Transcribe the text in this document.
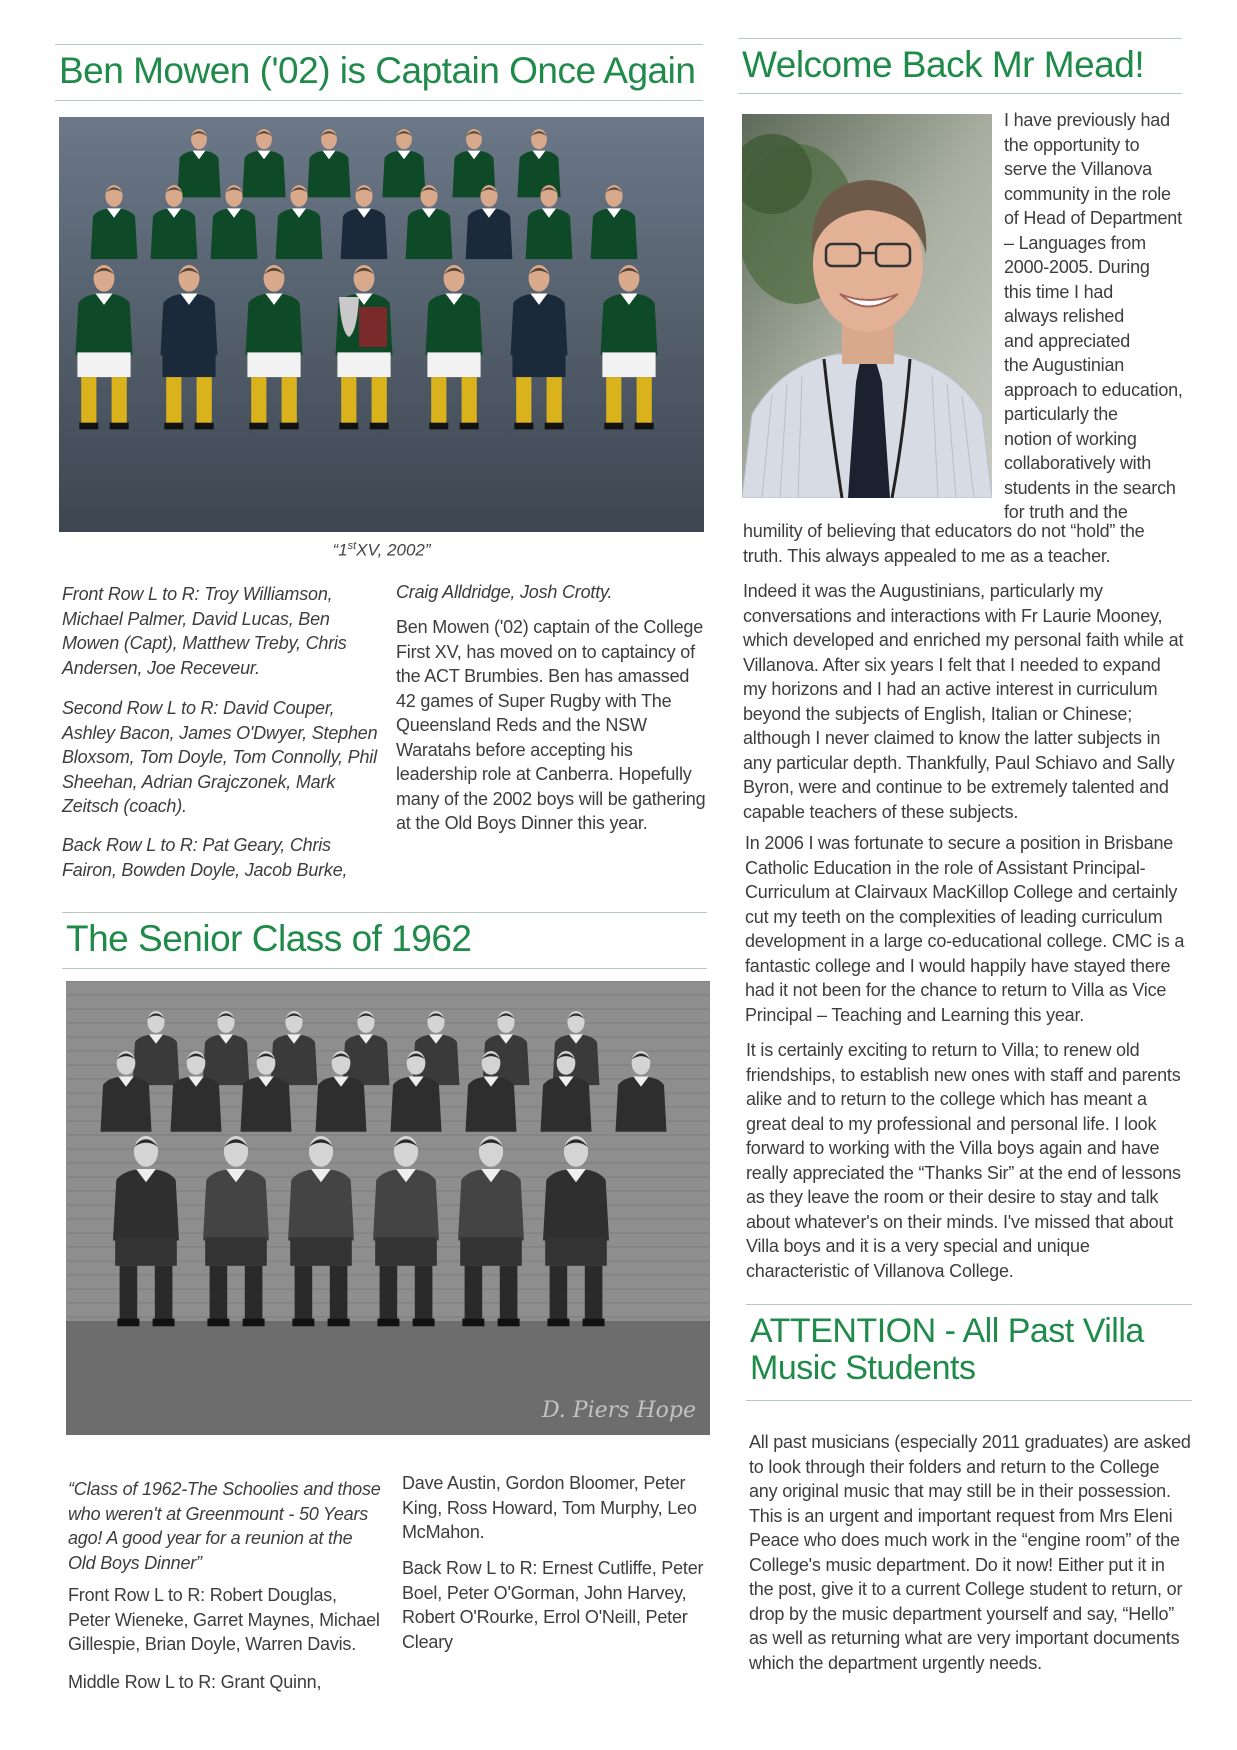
Ben Mowen ('02) is Captain Once Again
“1stXV, 2002”

Front Row L to R: Troy Williamson, Michael Palmer, David Lucas, Ben Mowen (Capt), Matthew Treby, Chris Andersen, Joe Receveur.

Second Row L to R: David Couper, Ashley Bacon, James O'Dwyer, Stephen Bloxsom, Tom Doyle, Tom Connolly, Phil Sheehan, Adrian Grajczonek, Mark Zeitsch (coach).

Back Row L to R: Pat Geary, Chris Fairon, Bowden Doyle, Jacob Burke,

Craig Alldridge, Josh Crotty.

Ben Mowen ('02) captain of the College First XV, has moved on to captaincy of the ACT Brumbies. Ben has amassed 42 games of Super Rugby with The Queensland Reds and the NSW Waratahs before accepting his leadership role at Canberra. Hopefully many of the 2002 boys will be gathering at the Old Boys Dinner this year.

The Senior Class of 1962
D. Piers Hope

“Class of 1962-The Schoolies and those who weren't at Greenmount - 50 Years ago! A good year for a reunion at the Old Boys Dinner”

Front Row L to R: Robert Douglas, Peter Wieneke, Garret Maynes, Michael Gillespie, Brian Doyle, Warren Davis.

Middle Row L to R: Grant Quinn,

Dave Austin, Gordon Bloomer, Peter King, Ross Howard, Tom Murphy, Leo McMahon.

Back Row L to R: Ernest Cutliffe, Peter Boel, Peter O'Gorman, John Harvey, Robert O'Rourke, Errol O'Neill, Peter Cleary

Welcome Back Mr Mead!
I have previously had
the opportunity to
serve the Villanova
community in the role
of Head of Department
– Languages from
2000-2005. During
this time I had
always relished
and appreciated
the Augustinian
approach to education,
particularly the
notion of working
collaboratively with
students in the search
for truth and the

humility of believing that educators do not “hold” the truth. This always appealed to me as a teacher.

Indeed it was the Augustinians, particularly my conversations and interactions with Fr Laurie Mooney, which developed and enriched my personal faith while at Villanova. After six years I felt that I needed to expand my horizons and I had an active interest in curriculum beyond the subjects of English, Italian or Chinese; although I never claimed to know the latter subjects in any particular depth. Thankfully, Paul Schiavo and Sally Byron, were and continue to be extremely talented and capable teachers of these subjects.

In 2006 I was fortunate to secure a position in Brisbane Catholic Education in the role of Assistant Principal-Curriculum at Clairvaux MacKillop College and certainly cut my teeth on the complexities of leading curriculum development in a large co-educational college. CMC is a fantastic college and I would happily have stayed there had it not been for the chance to return to Villa as Vice Principal – Teaching and Learning this year.

It is certainly exciting to return to Villa; to renew old friendships, to establish new ones with staff and parents alike and to return to the college which has meant a great deal to my professional and personal life. I look forward to working with the Villa boys again and have really appreciated the “Thanks Sir” at the end of lessons as they leave the room or their desire to stay and talk about whatever's on their minds. I've missed that about Villa boys and it is a very special and unique characteristic of Villanova College.

ATTENTION - All Past Villa
Music Students

All past musicians (especially 2011 graduates) are asked to look through their folders and return to the College any original music that may still be in their possession. This is an urgent and important request from Mrs Eleni Peace who does much work in the “engine room” of the College's music department. Do it now! Either put it in the post, give it to a current College student to return, or drop by the music department yourself and say, “Hello” as well as returning what are very important documents which the department urgently needs.
